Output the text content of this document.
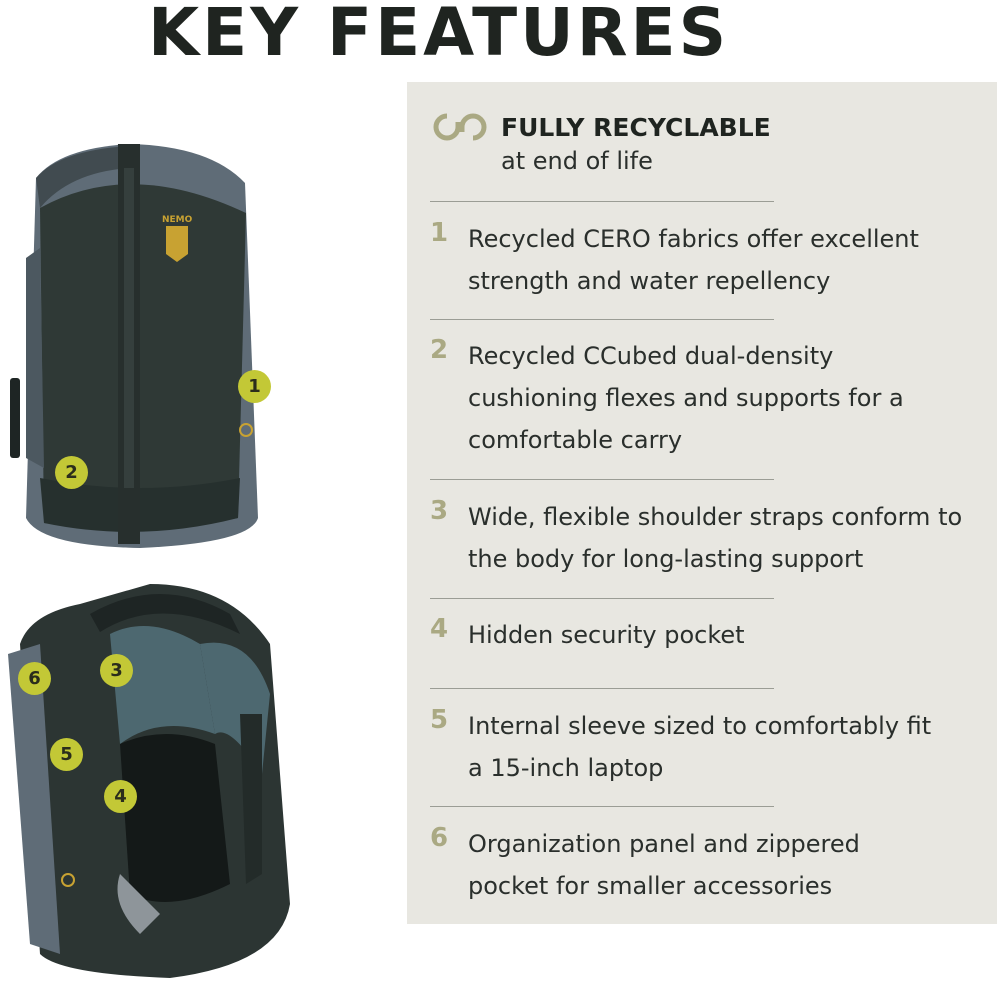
KEY FEATURES
NEMO
1
2
6	3
5
4
FULLY RECYCLABLE
at end of life
1 Recycled CERO fabrics offer excellent strength and water repellency
2 Recycled CCubed dual-density cushioning flexes and supports for a comfortable carry
3 Wide, flexible shoulder straps conform to the body for long-lasting support
4 Hidden security pocket
5 Internal sleeve sized to comfortably fit a 15-inch laptop
6 Organization panel and zippered pocket for smaller accessories
